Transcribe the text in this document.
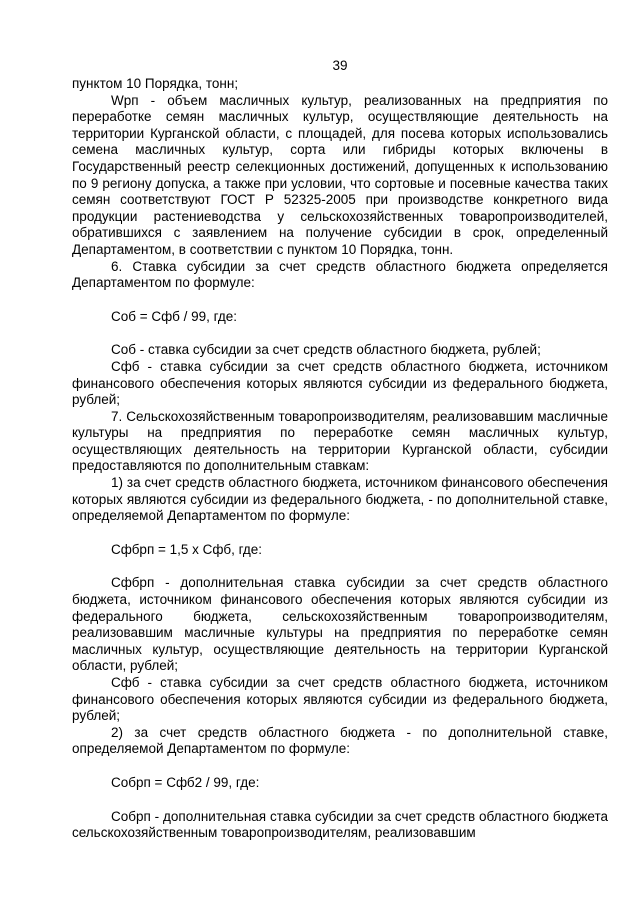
39

пунктом 10 Порядка, тонн;

Wрп - объем масличных культур, реализованных на предприятия по переработке семян масличных культур, осуществляющие деятельность на территории Курганской области, с площадей, для посева которых использовались семена масличных культур, сорта или гибриды которых включены в Государственный реестр селекционных достижений, допущенных к использованию по 9 региону допуска, а также при условии, что сортовые и посевные качества таких семян соответствуют ГОСТ Р 52325-2005 при производстве конкретного вида продукции растениеводства у сельскохозяйственных товаропроизводителей, обратившихся с заявлением на получение субсидии в срок, определенный Департаментом, в соответствии с пунктом 10 Порядка, тонн.

6. Ставка субсидии за счет средств областного бюджета определяется Департаментом по формуле:

Соб = Сфб / 99, где:

Соб - ставка субсидии за счет средств областного бюджета, рублей;

Сфб - ставка субсидии за счет средств областного бюджета, источником финансового обеспечения которых являются субсидии из федерального бюджета, рублей;

7. Сельскохозяйственным товаропроизводителям, реализовавшим масличные культуры на предприятия по переработке семян масличных культур, осуществляющих деятельность на территории Курганской области, субсидии предоставляются по дополнительным ставкам:

1) за счет средств областного бюджета, источником финансового обеспечения которых являются субсидии из федерального бюджета, - по дополнительной ставке, определяемой Департаментом по формуле:

Сфбрп = 1,5 х Сфб, где:

Сфбрп - дополнительная ставка субсидии за счет средств областного бюджета, источником финансового обеспечения которых являются субсидии из федерального бюджета, сельскохозяйственным товаропроизводителям, реализовавшим масличные культуры на предприятия по переработке семян масличных культур, осуществляющие деятельность на территории Курганской области, рублей;

Сфб - ставка субсидии за счет средств областного бюджета, источником финансового обеспечения которых являются субсидии из федерального бюджета, рублей;

2) за счет средств областного бюджета - по дополнительной ставке, определяемой Департаментом по формуле:

Собрп = Сфб2 / 99, где:

Собрп - дополнительная ставка субсидии за счет средств областного бюджета сельскохозяйственным товаропроизводителям, реализовавшим
